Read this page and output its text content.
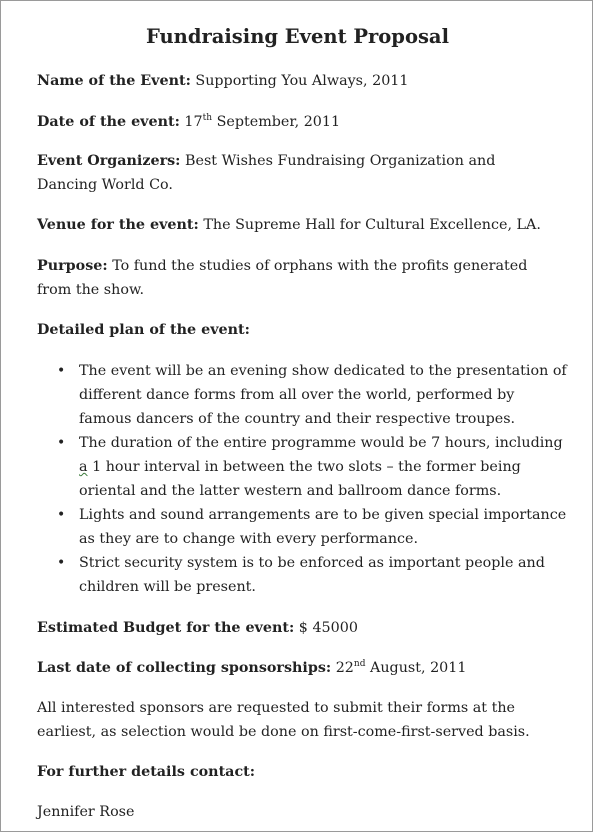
Fundraising Event Proposal

Name of the Event: Supporting You Always, 2011

Date of the event: 17th September, 2011

Event Organizers: Best Wishes Fundraising Organization and
Dancing World Co.

Venue for the event: The Supreme Hall for Cultural Excellence, LA.

Purpose: To fund the studies of orphans with the profits generated
from the show.

Detailed plan of the event:

• The event will be an evening show dedicated to the presentation of
different dance forms from all over the world, performed by
famous dancers of the country and their respective troupes.
• The duration of the entire programme would be 7 hours, including
a 1 hour interval in between the two slots – the former being
oriental and the latter western and ballroom dance forms.
• Lights and sound arrangements are to be given special importance
as they are to change with every performance.
• Strict security system is to be enforced as important people and
children will be present.

Estimated Budget for the event: $ 45000

Last date of collecting sponsorships: 22nd August, 2011

All interested sponsors are requested to submit their forms at the
earliest, as selection would be done on first-come-first-served basis.

For further details contact:

Jennifer Rose
